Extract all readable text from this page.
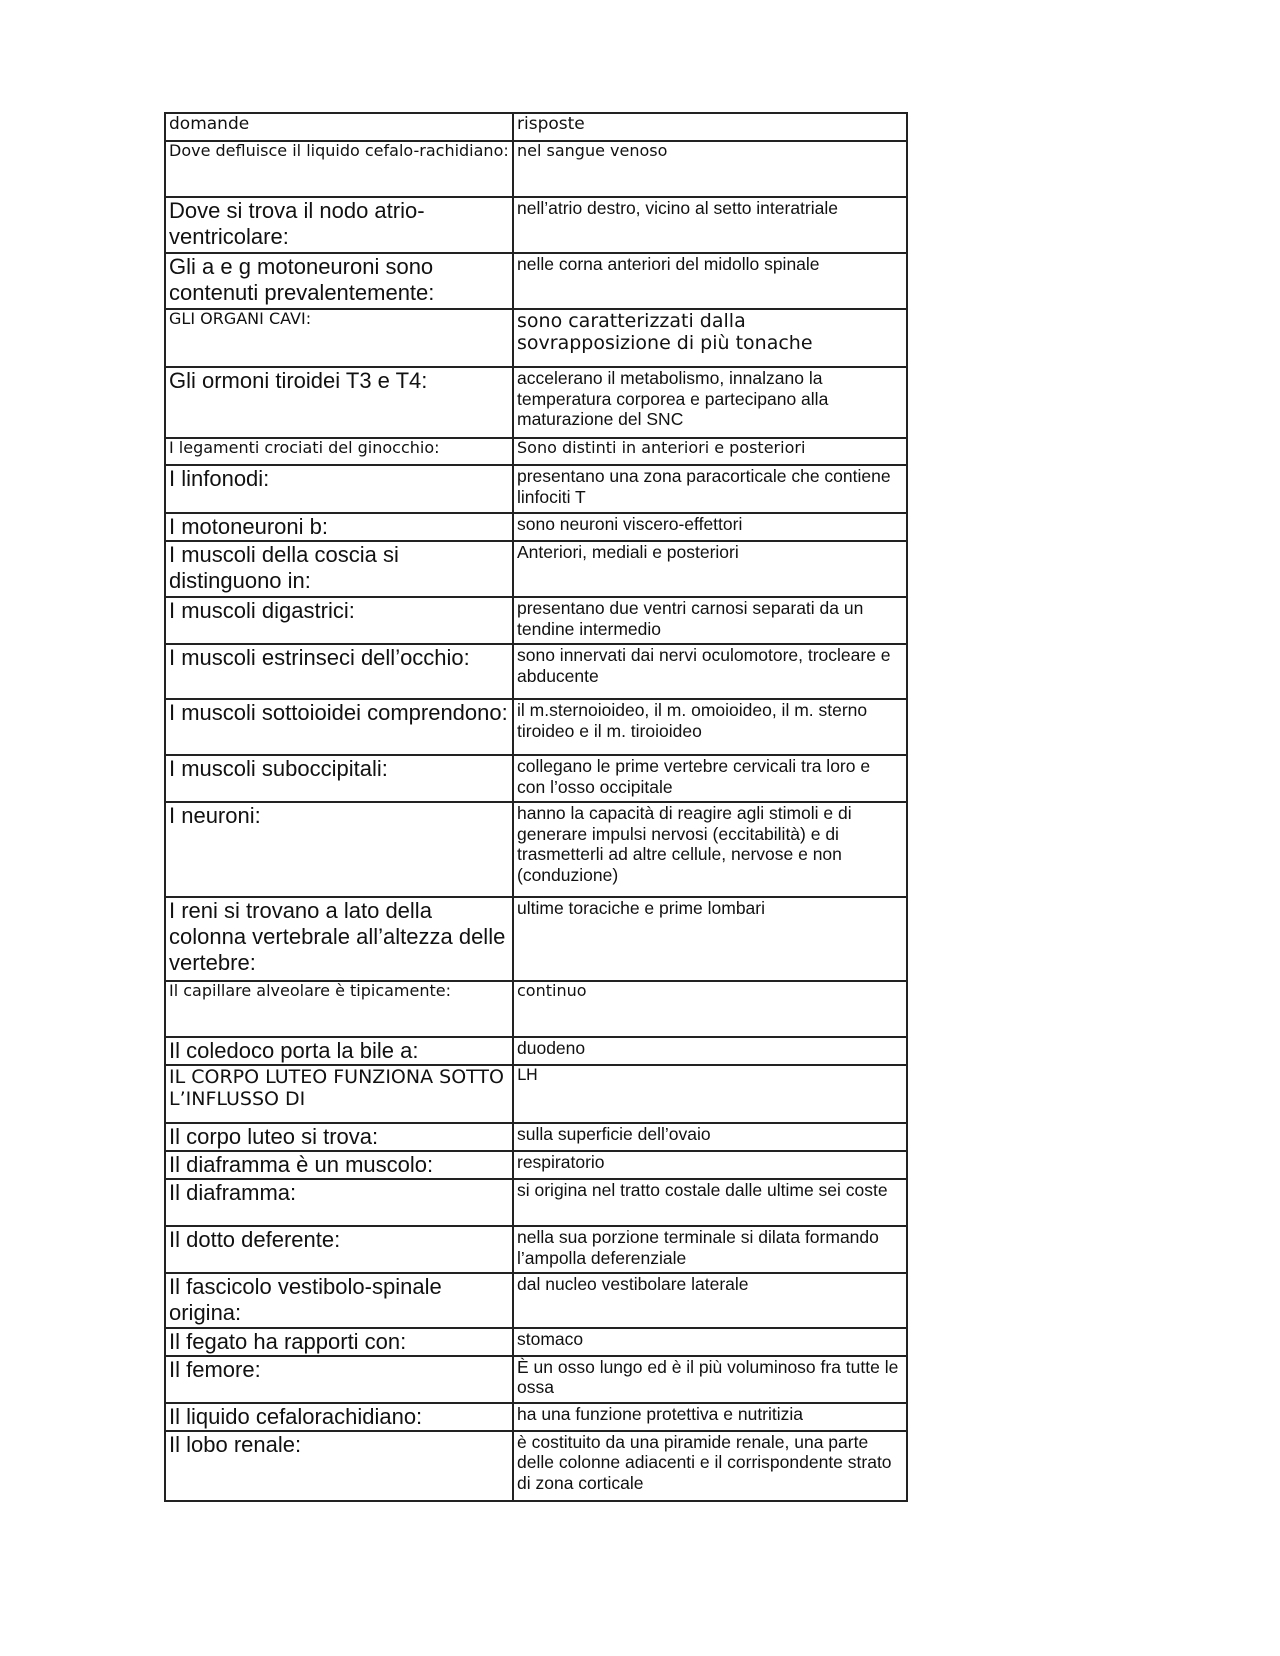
domande	risposte
Dove defluisce il liquido cefalo-rachidiano:	nel sangue venoso
Dove si trova il nodo atrio-ventricolare:	nell’atrio destro, vicino al setto interatriale
Gli a e g motoneuroni sono contenuti prevalentemente:	nelle corna anteriori del midollo spinale
GLI ORGANI CAVI:	sono caratterizzati dalla sovrapposizione di più tonache
Gli ormoni tiroidei T3 e T4:	accelerano il metabolismo, innalzano la temperatura corporea e partecipano alla maturazione del SNC
I legamenti crociati del ginocchio:	Sono distinti in anteriori e posteriori
I linfonodi:	presentano una zona paracorticale che contiene linfociti T
I motoneuroni b:	sono neuroni viscero-effettori
I muscoli della coscia si distinguono in:	Anteriori, mediali e posteriori
I muscoli digastrici:	presentano due ventri carnosi separati da un tendine intermedio
I muscoli estrinseci dell’occhio:	sono innervati dai nervi oculomotore, trocleare e abducente
I muscoli sottoioidei comprendono:	il m.sternoioideo, il m. omoioideo, il m. sterno tiroideo e il m. tiroioideo
I muscoli suboccipitali:	collegano le prime vertebre cervicali tra loro e con l’osso occipitale
I neuroni:	hanno la capacità di reagire agli stimoli e di generare impulsi nervosi (eccitabilità) e di trasmetterli ad altre cellule, nervose e non (conduzione)
I reni si trovano a lato della colonna vertebrale all’altezza delle vertebre:	ultime toraciche e prime lombari
Il capillare alveolare è tipicamente:	continuo
Il coledoco porta la bile a:	duodeno
IL CORPO LUTEO FUNZIONA SOTTO L’INFLUSSO DI	LH
Il corpo luteo si trova:	sulla superficie dell’ovaio
Il diaframma è un muscolo:	respiratorio
Il diaframma:	si origina nel tratto costale dalle ultime sei coste
Il dotto deferente:	nella sua porzione terminale si dilata formando l’ampolla deferenziale
Il fascicolo vestibolo-spinale origina:	dal nucleo vestibolare laterale
Il fegato ha rapporti con:	stomaco
Il femore:	È un osso lungo ed è il più voluminoso fra tutte le ossa
Il liquido cefalorachidiano:	ha una funzione protettiva e nutritizia
Il lobo renale:	è costituito da una piramide renale, una parte delle colonne adiacenti e il corrispondente strato di zona corticale
